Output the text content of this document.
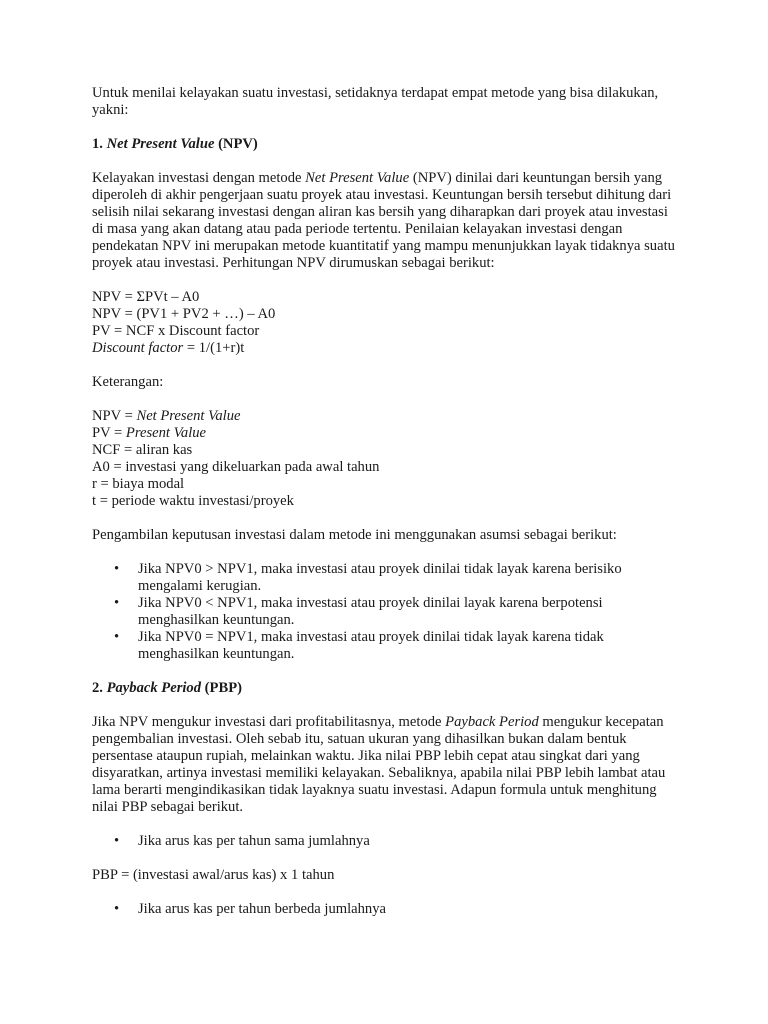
Untuk menilai kelayakan suatu investasi, setidaknya terdapat empat metode yang bisa dilakukan, yakni:

1. Net Present Value (NPV)

Kelayakan investasi dengan metode Net Present Value (NPV) dinilai dari keuntungan bersih yang diperoleh di akhir pengerjaan suatu proyek atau investasi. Keuntungan bersih tersebut dihitung dari selisih nilai sekarang investasi dengan aliran kas bersih yang diharapkan dari proyek atau investasi di masa yang akan datang atau pada periode tertentu. Penilaian kelayakan investasi dengan pendekatan NPV ini merupakan metode kuantitatif yang mampu menunjukkan layak tidaknya suatu proyek atau investasi. Perhitungan NPV dirumuskan sebagai berikut:

NPV = ΣPVt – A0

NPV = (PV1 + PV2 + …) – A0

PV = NCF x Discount factor

Discount factor = 1/(1+r)t

Keterangan:

NPV = Net Present Value

PV = Present Value

NCF = aliran kas

A0 = investasi yang dikeluarkan pada awal tahun

r = biaya modal

t = periode waktu investasi/proyek

Pengambilan keputusan investasi dalam metode ini menggunakan asumsi sebagai berikut:

• Jika NPV0 > NPV1, maka investasi atau proyek dinilai tidak layak karena berisiko mengalami kerugian.
• Jika NPV0 < NPV1, maka investasi atau proyek dinilai layak karena berpotensi menghasilkan keuntungan.
• Jika NPV0 = NPV1, maka investasi atau proyek dinilai tidak layak karena tidak menghasilkan keuntungan.

2. Payback Period (PBP)

Jika NPV mengukur investasi dari profitabilitasnya, metode Payback Period mengukur kecepatan pengembalian investasi. Oleh sebab itu, satuan ukuran yang dihasilkan bukan dalam bentuk persentase ataupun rupiah, melainkan waktu. Jika nilai PBP lebih cepat atau singkat dari yang disyaratkan, artinya investasi memiliki kelayakan. Sebaliknya, apabila nilai PBP lebih lambat atau lama berarti mengindikasikan tidak layaknya suatu investasi. Adapun formula untuk menghitung nilai PBP sebagai berikut.

• Jika arus kas per tahun sama jumlahnya

PBP = (investasi awal/arus kas) x 1 tahun

• Jika arus kas per tahun berbeda jumlahnya
